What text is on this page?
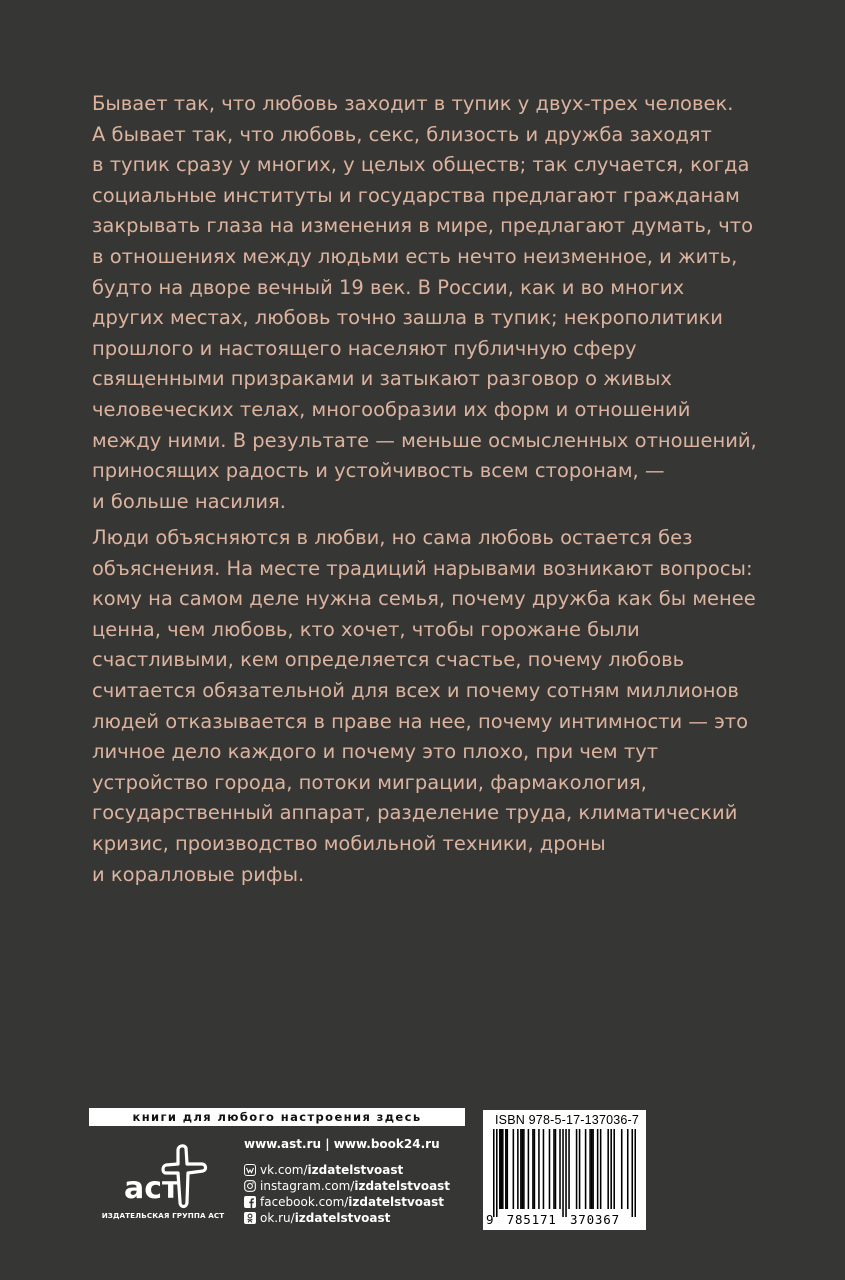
Бывает так, что любовь заходит в тупик у двух-трех человек.
А бывает так, что любовь, секс, близость и дружба заходят
в тупик сразу у многих, у целых обществ; так случается, когда
социальные институты и государства предлагают гражданам
закрывать глаза на изменения в мире, предлагают думать, что
в отношениях между людьми есть нечто неизменное, и жить,
будто на дворе вечный 19 век. В России, как и во многих
других местах, любовь точно зашла в тупик; некрополитики
прошлого и настоящего населяют публичную сферу
священными призраками и затыкают разговор о живых
человеческих телах, многообразии их форм и отношений
между ними. В результате — меньше осмысленных отношений,
приносящих радость и устойчивость всем сторонам, —
и больше насилия.
Люди объясняются в любви, но сама любовь остается без
объяснения. На месте традиций нарывами возникают вопросы:
кому на самом деле нужна семья, почему дружба как бы менее
ценна, чем любовь, кто хочет, чтобы горожане были
счастливыми, кем определяется счастье, почему любовь
считается обязательной для всех и почему сотням миллионов
людей отказывается в праве на нее, почему интимности — это
личное дело каждого и почему это плохо, при чем тут
устройство города, потоки миграции, фармакология,
государственный аппарат, разделение труда, климатический
кризис, производство мобильной техники, дроны
и коралловые рифы.
книги для любого настроения здесь
аст
ИЗДАТЕЛЬСКАЯ ГРУППА АСТ
www.ast.ru | www.book24.ru
vk.com/ izdatelstvoast
instagram.com/ izdatelstvoast
facebook.com/ izdatelstvoast
ok.ru/ izdatelstvoast
ISBN 978-5-17-137036-7
9 785171 370367
